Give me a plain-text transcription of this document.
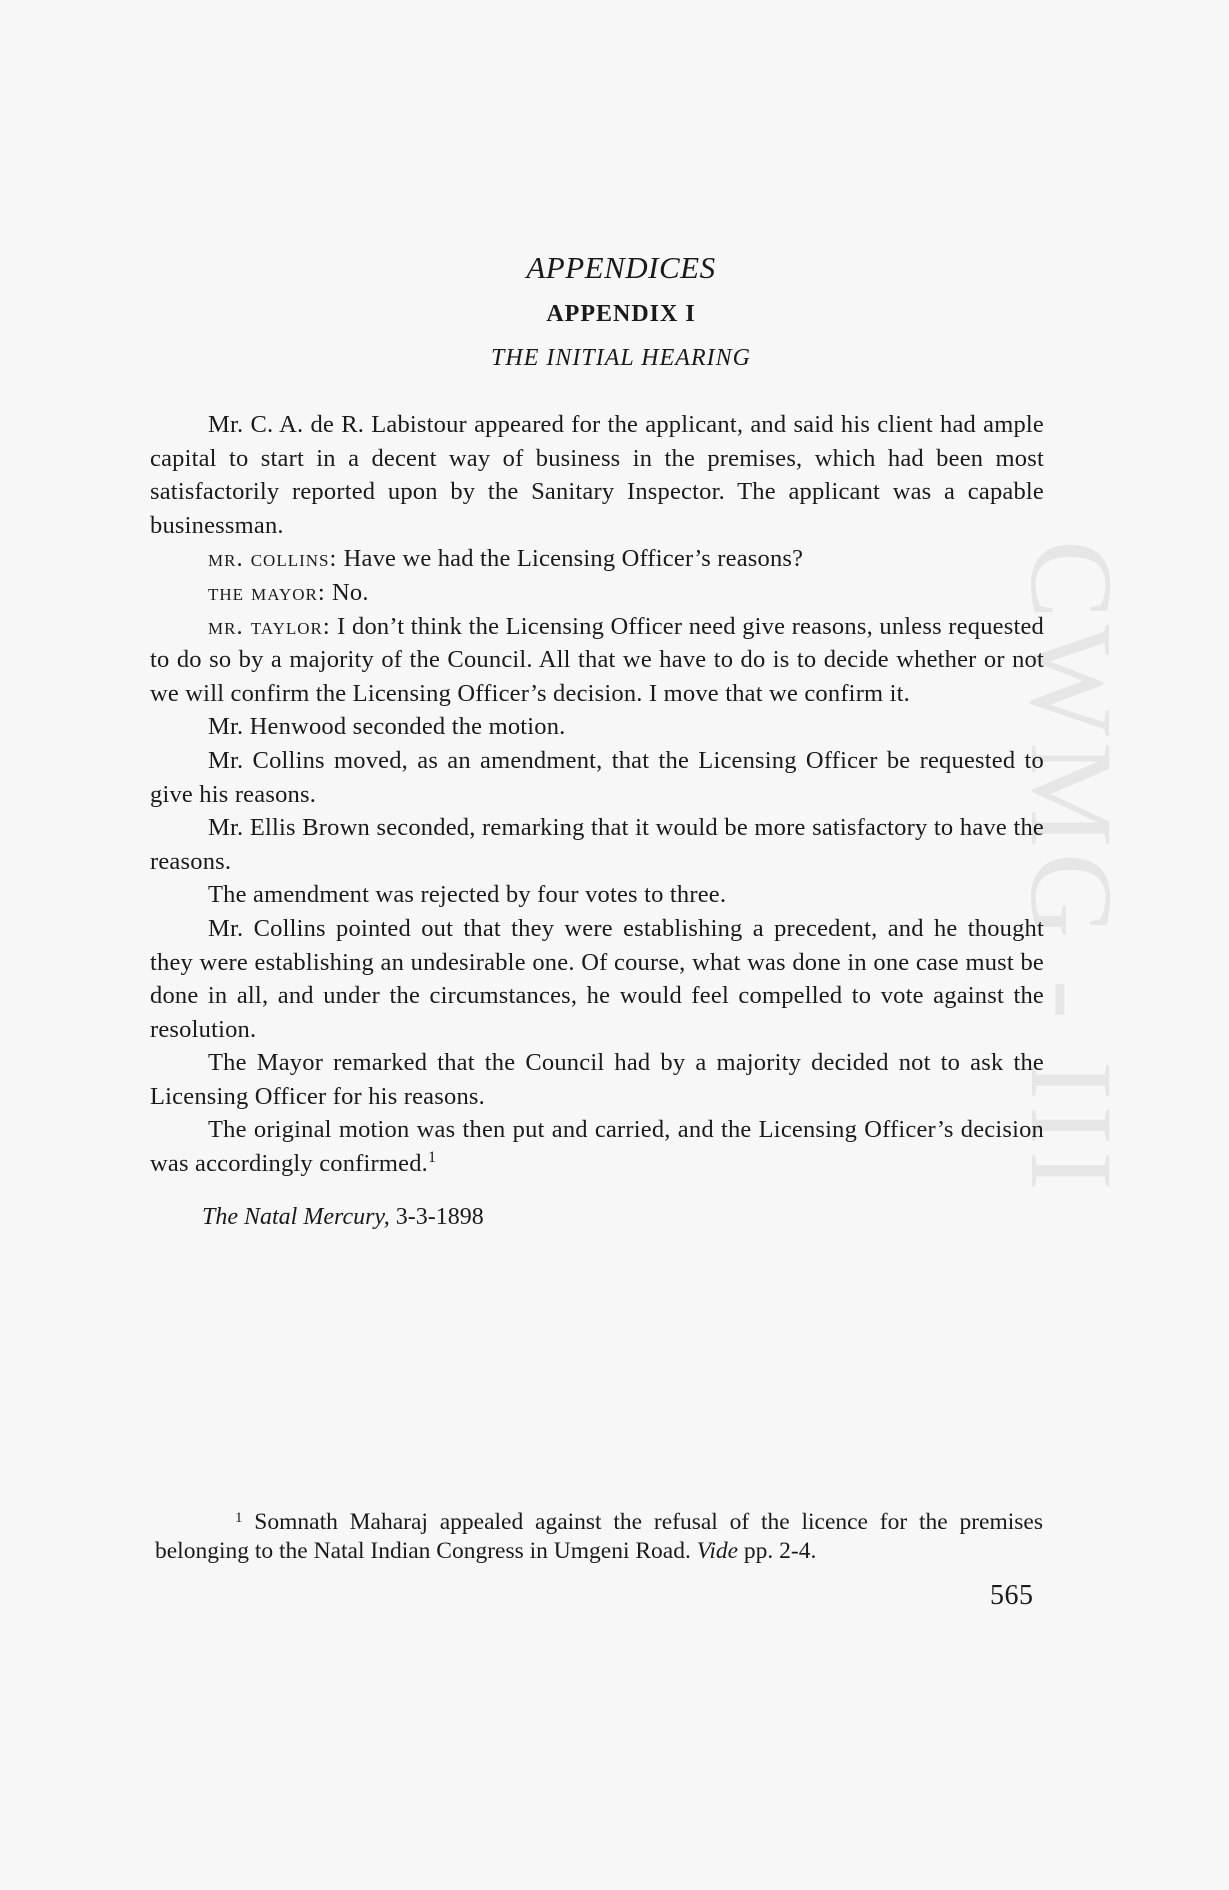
CWMG - III

APPENDICES

APPENDIX I

THE INITIAL HEARING

Mr. C. A. de R. Labistour appeared for the applicant, and said his client had ample capital to start in a decent way of business in the premises, which had been most satisfactorily reported upon by the Sanitary Inspector. The applicant was a capable businessman.

mr. collins: Have we had the Licensing Officer’s reasons?

the mayor: No.

mr. taylor: I don’t think the Licensing Officer need give reasons, unless requested to do so by a majority of the Council. All that we have to do is to decide whether or not we will confirm the Licensing Officer’s decision. I move that we confirm it.

Mr. Henwood seconded the motion.

Mr. Collins moved, as an amendment, that the Licensing Officer be requested to give his reasons.

Mr. Ellis Brown seconded, remarking that it would be more satisfactory to have the reasons.

The amendment was rejected by four votes to three.

Mr. Collins pointed out that they were establishing a precedent, and he thought they were establishing an undesirable one. Of course, what was done in one case must be done in all, and under the circumstances, he would feel compelled to vote against the resolution.

The Mayor remarked that the Council had by a majority decided not to ask the Licensing Officer for his reasons.

The original motion was then put and carried, and the Licensing Officer’s decision was accordingly confirmed.$^1$

The Natal Mercury, 3-3-1898

$^1$ Somnath Maharaj appealed against the refusal of the licence for the premises belonging to the Natal Indian Congress in Umgeni Road. Vide pp. 2-4.

565
